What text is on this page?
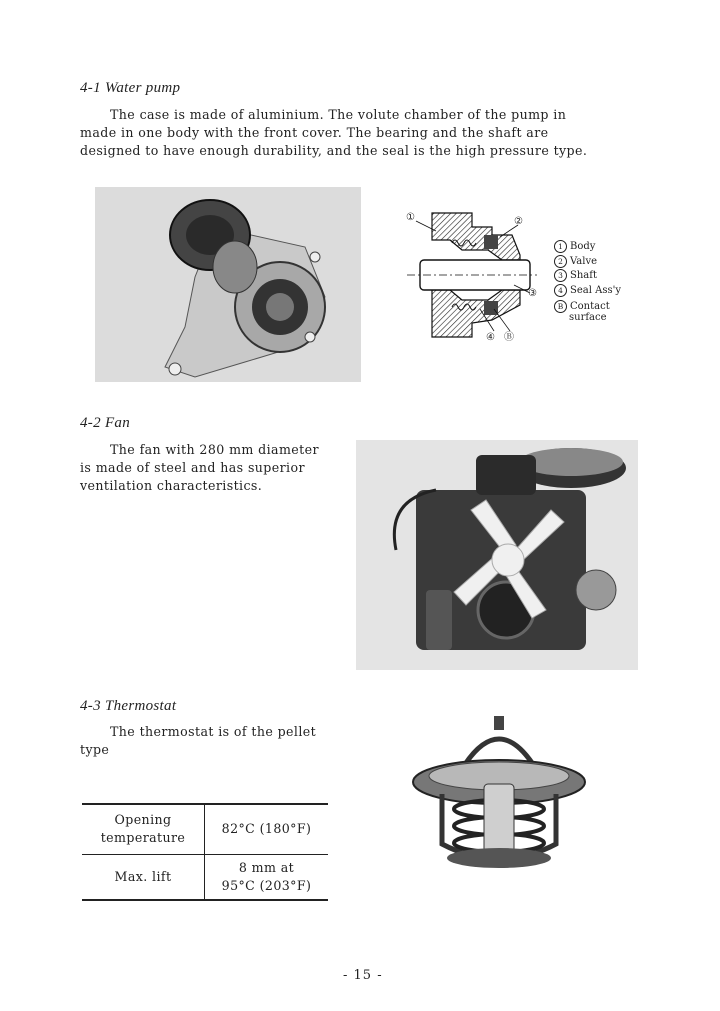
4-1 Water pump
The case is made of aluminium. The volute chamber of the pump in
made in one body with the front cover. The bearing and the shaft are
designed to have enough durability, and the seal is the high pressure type.
①	②
③
④ Ⓑ
1 Body
2 Valve
3 Shaft
4 Seal Ass'y
B Contact
surface
4-2 Fan
The fan with 280 mm diameter
is made of steel and has superior
ventilation characteristics.
4-3 Thermostat
The thermostat is of the pellet
type
Opening
temperature	82°C (180°F)
Max. lift	8 mm at
95°C (203°F)
- 15 -
